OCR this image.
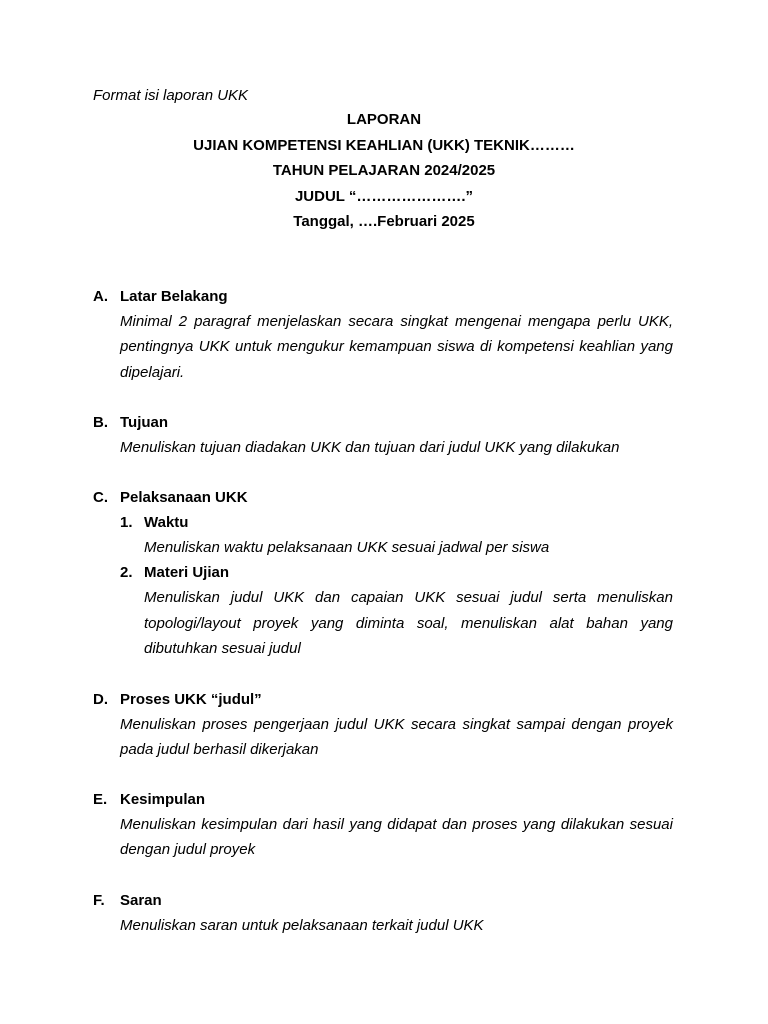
Format isi laporan UKK

LAPORAN
UJIAN KOMPETENSI KEAHLIAN (UKK) TEKNIK………
TAHUN PELAJARAN 2024/2025
JUDUL “………………….”
Tanggal, ….Februari 2025
A. Latar Belakang

Minimal 2 paragraf menjelaskan secara singkat mengenai mengapa perlu UKK, pentingnya UKK untuk mengukur kemampuan siswa di kompetensi keahlian yang dipelajari.

B. Tujuan

Menuliskan tujuan diadakan UKK dan tujuan dari judul UKK yang dilakukan

C. Pelaksanaan UKK
1. Waktu

Menuliskan waktu pelaksanaan UKK sesuai jadwal per siswa

2. Materi Ujian

Menuliskan judul UKK dan capaian UKK sesuai judul serta menuliskan topologi/layout proyek yang diminta soal, menuliskan alat bahan yang dibutuhkan sesuai judul

D. Proses UKK “judul”

Menuliskan proses pengerjaan judul UKK secara singkat sampai dengan proyek pada judul berhasil dikerjakan

E. Kesimpulan

Menuliskan kesimpulan dari hasil yang didapat dan proses yang dilakukan sesuai dengan judul proyek

F. Saran

Menuliskan saran untuk pelaksanaan terkait judul UKK
